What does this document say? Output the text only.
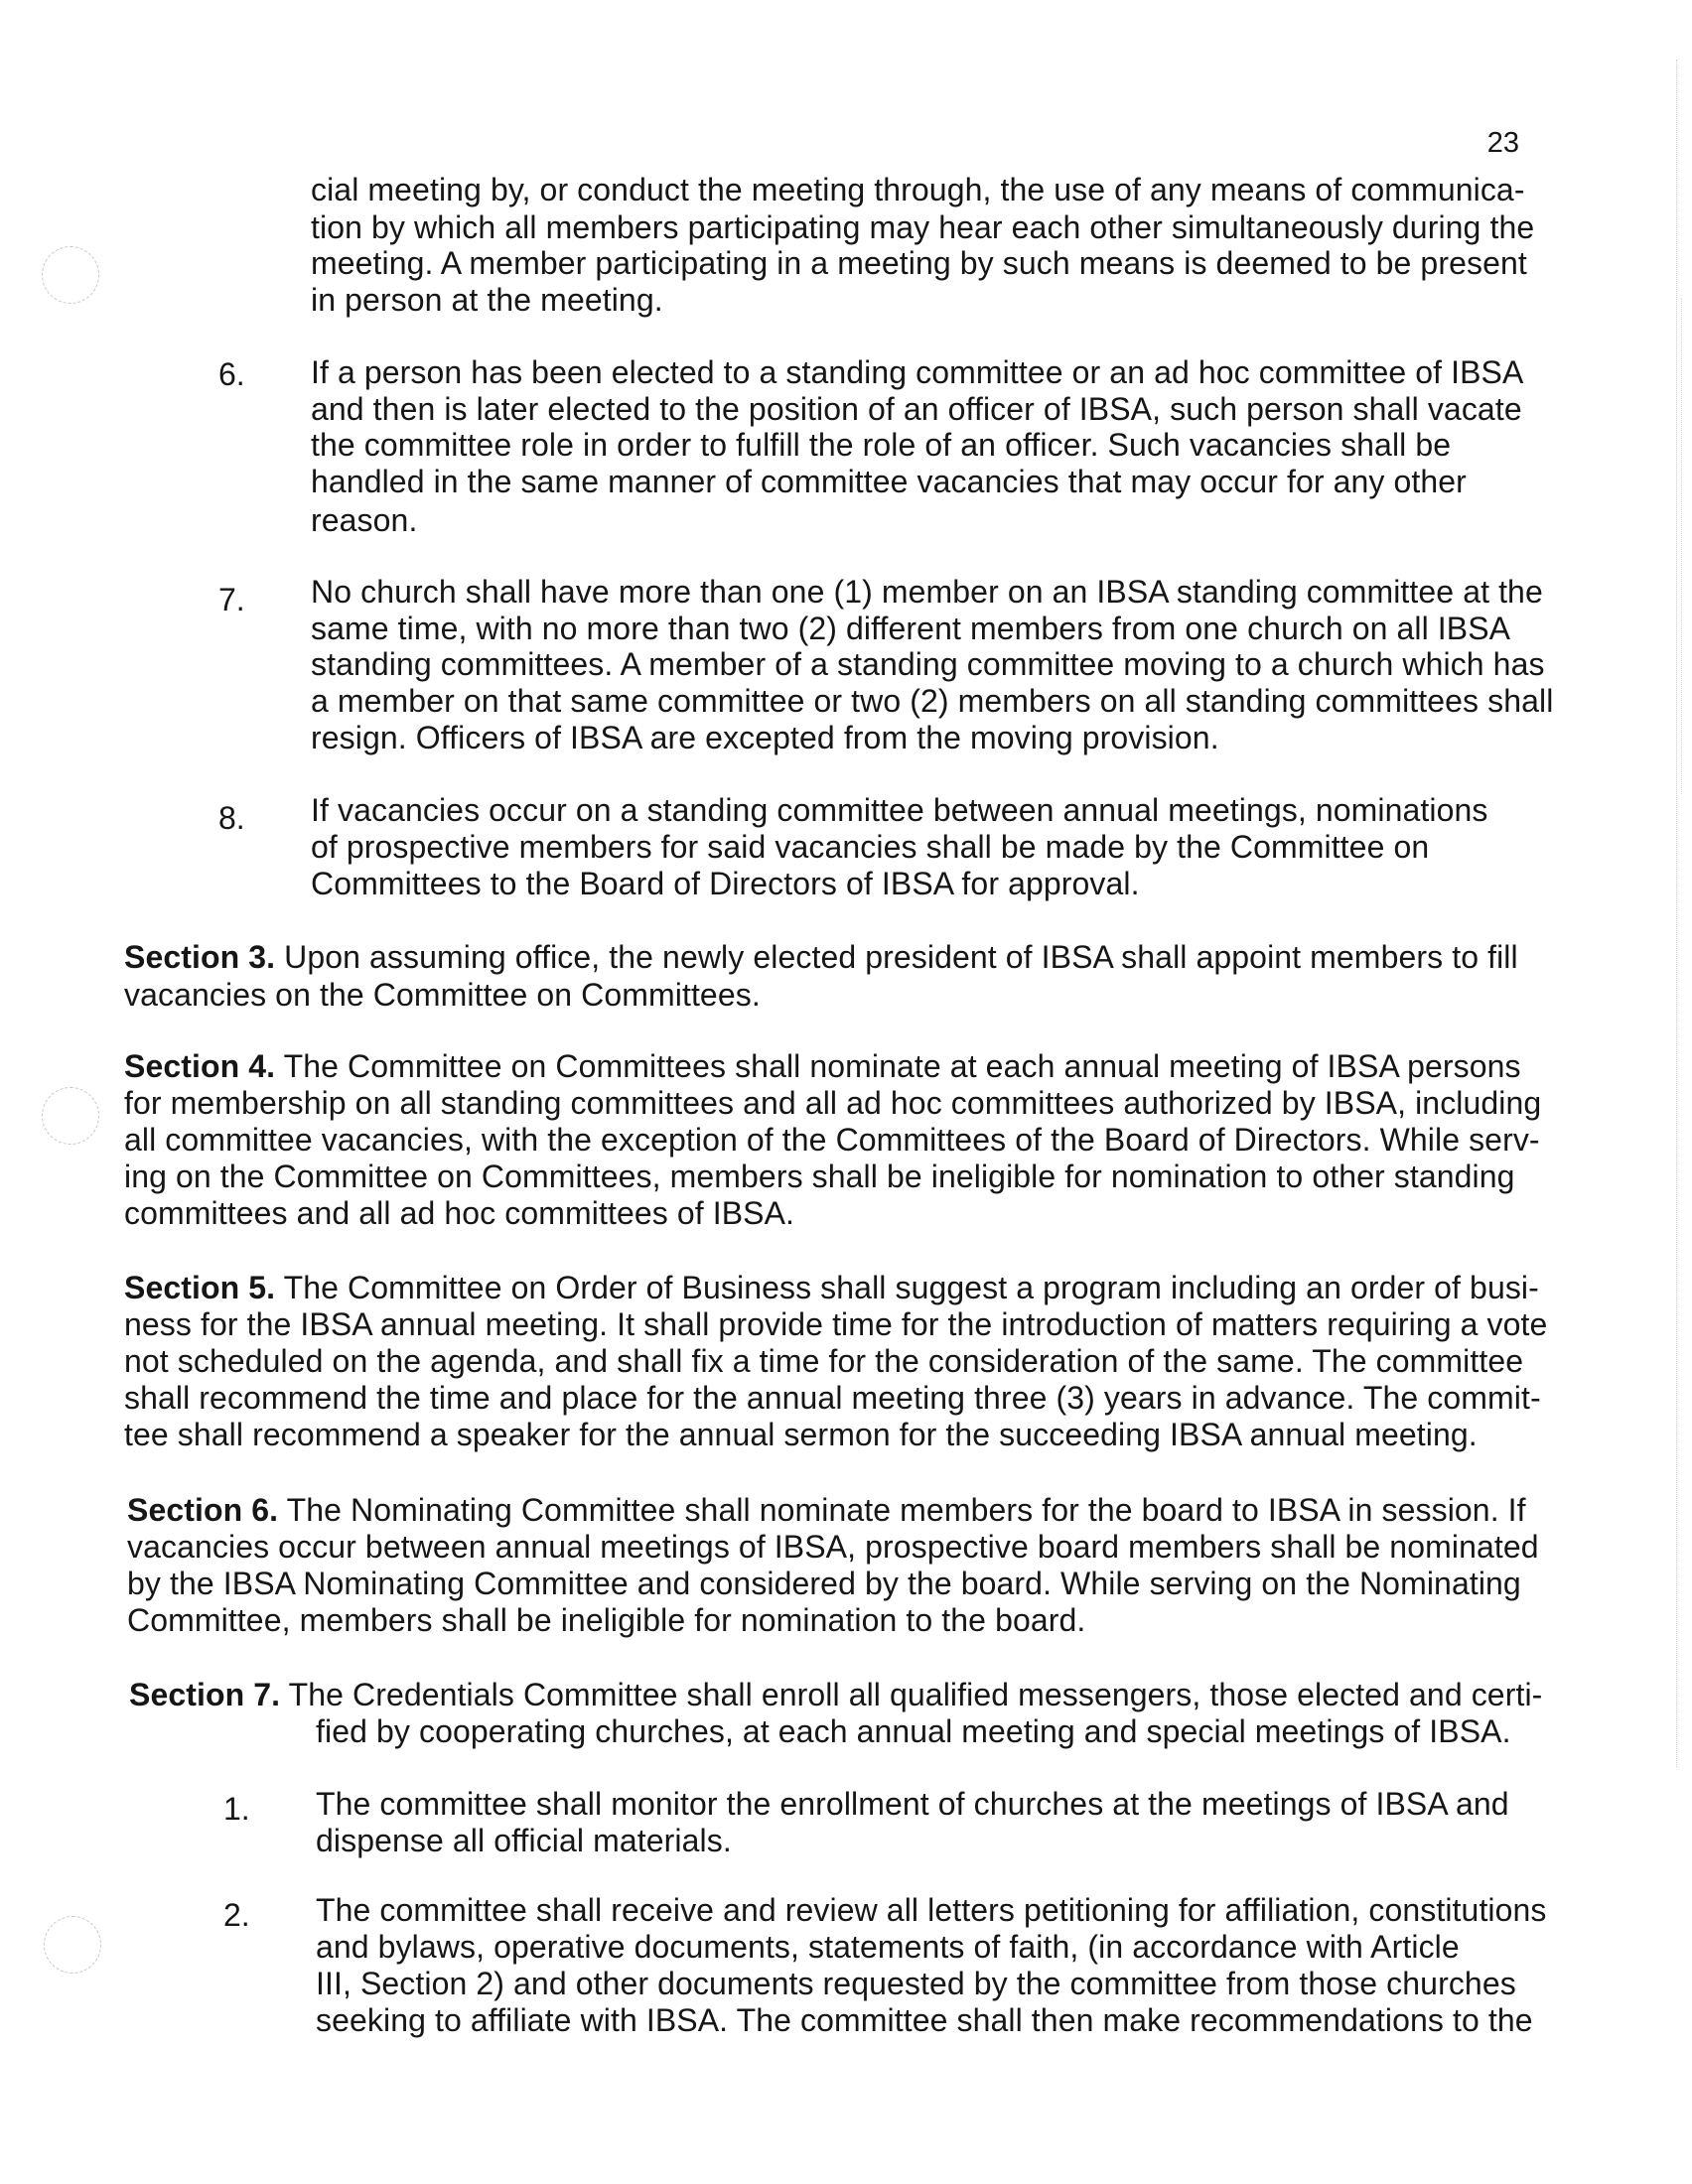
23
cial meeting by, or conduct the meeting through, the use of any means of communica-
tion by which all members participating may hear each other simultaneously during the
meeting. A member participating in a meeting by such means is deemed to be present
in person at the meeting.
6. If a person has been elected to a standing committee or an ad hoc committee of IBSA
and then is later elected to the position of an officer of IBSA, such person shall vacate
the committee role in order to fulfill the role of an officer. Such vacancies shall be
handled in the same manner of committee vacancies that may occur for any other
reason.
7. No church shall have more than one (1) member on an IBSA standing committee at the
same time, with no more than two (2) different members from one church on all IBSA
standing committees. A member of a standing committee moving to a church which has
a member on that same committee or two (2) members on all standing committees shall
resign. Officers of IBSA are excepted from the moving provision.
8. If vacancies occur on a standing committee between annual meetings, nominations
of prospective members for said vacancies shall be made by the Committee on
Committees to the Board of Directors of IBSA for approval.
Section 3. Upon assuming office, the newly elected president of IBSA shall appoint members to fill
vacancies on the Committee on Committees.
Section 4. The Committee on Committees shall nominate at each annual meeting of IBSA persons
for membership on all standing committees and all ad hoc committees authorized by IBSA, including
all committee vacancies, with the exception of the Committees of the Board of Directors. While serv-
ing on the Committee on Committees, members shall be ineligible for nomination to other standing
committees and all ad hoc committees of IBSA.
Section 5. The Committee on Order of Business shall suggest a program including an order of busi-
ness for the IBSA annual meeting. It shall provide time for the introduction of matters requiring a vote
not scheduled on the agenda, and shall fix a time for the consideration of the same. The committee
shall recommend the time and place for the annual meeting three (3) years in advance. The commit-
tee shall recommend a speaker for the annual sermon for the succeeding IBSA annual meeting.
Section 6. The Nominating Committee shall nominate members for the board to IBSA in session. If
vacancies occur between annual meetings of IBSA, prospective board members shall be nominated
by the IBSA Nominating Committee and considered by the board. While serving on the Nominating
Committee, members shall be ineligible for nomination to the board.
Section 7. The Credentials Committee shall enroll all qualified messengers, those elected and certi-
fied by cooperating churches, at each annual meeting and special meetings of IBSA.
1. The committee shall monitor the enrollment of churches at the meetings of IBSA and
dispense all official materials.
2. The committee shall receive and review all letters petitioning for affiliation, constitutions
and bylaws, operative documents, statements of faith, (in accordance with Article
III, Section 2) and other documents requested by the committee from those churches
seeking to affiliate with IBSA. The committee shall then make recommendations to the
